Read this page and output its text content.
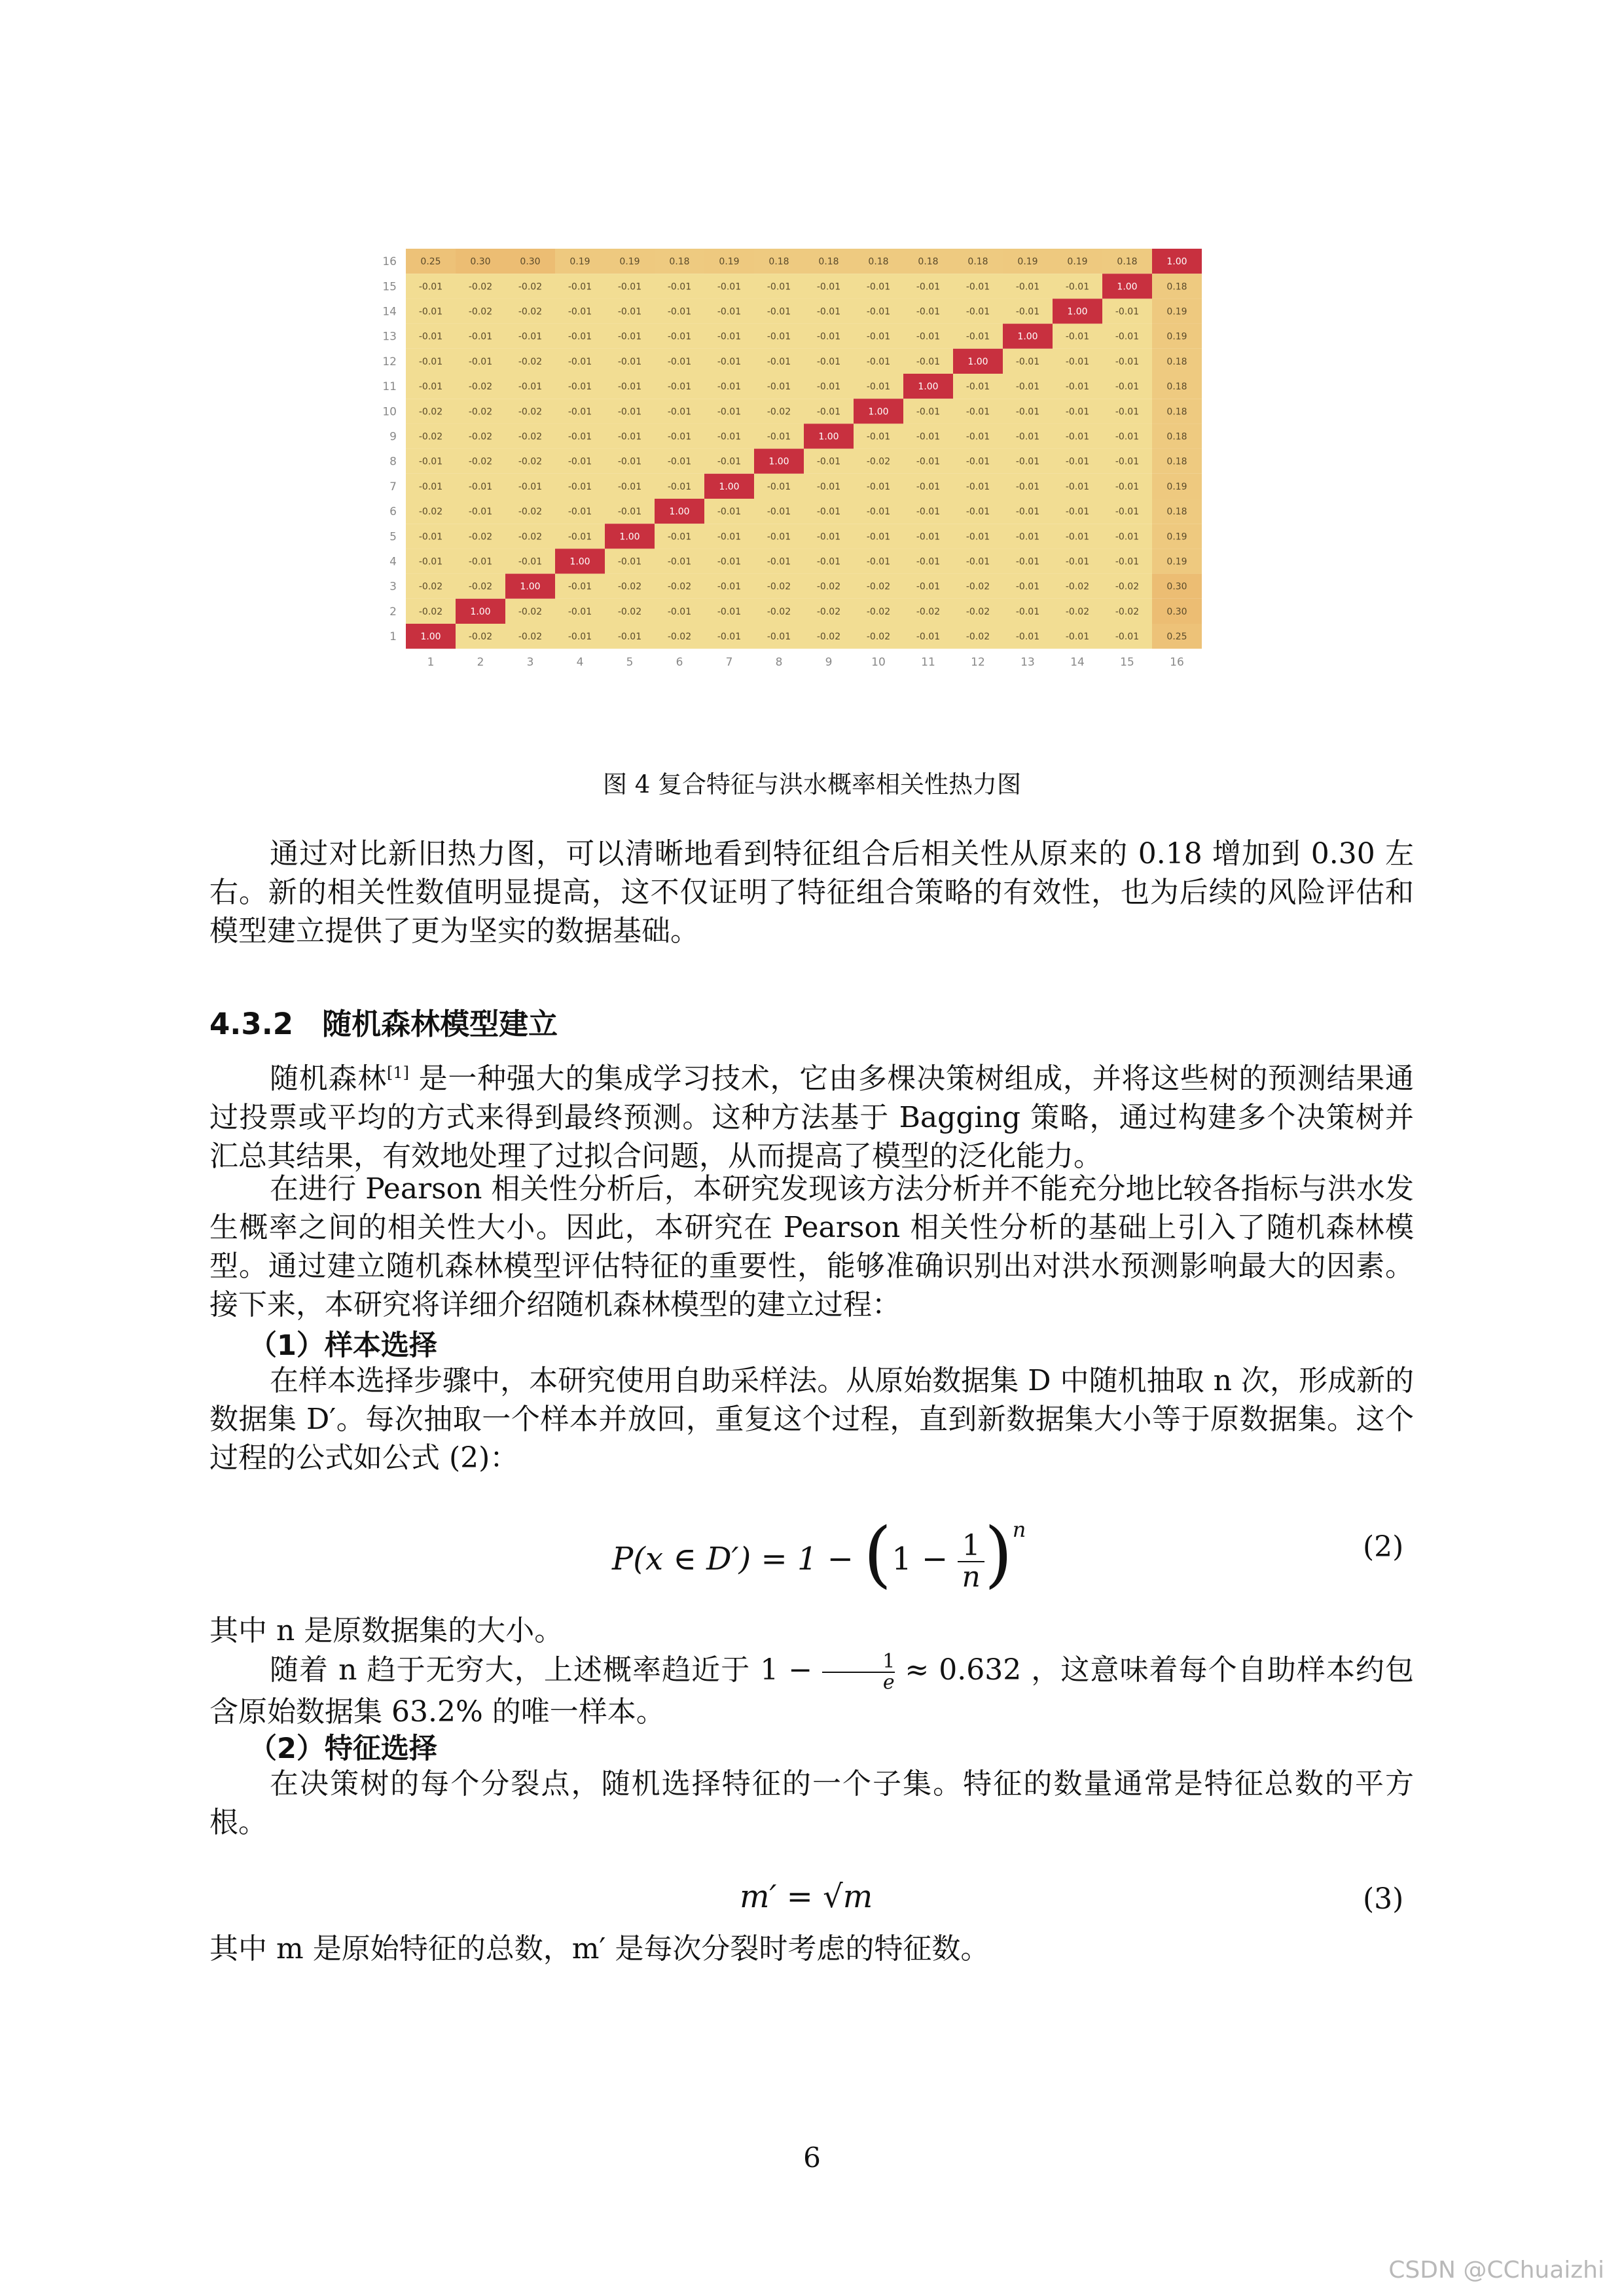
0.25	0.30	0.30	0.19	0.19	0.18	0.19	0.18	0.18	0.18	0.18	0.18	0.19	0.19	0.18	1.00
16
-0.01	-0.02	-0.02	-0.01	-0.01	-0.01	-0.01	-0.01	-0.01	-0.01	-0.01	-0.01	-0.01	-0.01	1.00	0.18
15
-0.01	-0.02	-0.02	-0.01	-0.01	-0.01	-0.01	-0.01	-0.01	-0.01	-0.01	-0.01	-0.01	1.00	-0.01	0.19
14
-0.01	-0.01	-0.01	-0.01	-0.01	-0.01	-0.01	-0.01	-0.01	-0.01	-0.01	-0.01	1.00	-0.01	-0.01	0.19
13
-0.01	-0.01	-0.02	-0.01	-0.01	-0.01	-0.01	-0.01	-0.01	-0.01	-0.01	1.00	-0.01	-0.01	-0.01	0.18
12
-0.01	-0.02	-0.01	-0.01	-0.01	-0.01	-0.01	-0.01	-0.01	-0.01	1.00	-0.01	-0.01	-0.01	-0.01	0.18
11
-0.02	-0.02	-0.02	-0.01	-0.01	-0.01	-0.01	-0.02	-0.01	1.00	-0.01	-0.01	-0.01	-0.01	-0.01	0.18
10
-0.02	-0.02	-0.02	-0.01	-0.01	-0.01	-0.01	-0.01	1.00	-0.01	-0.01	-0.01	-0.01	-0.01	-0.01	0.18
9
-0.01	-0.02	-0.02	-0.01	-0.01	-0.01	-0.01	1.00	-0.01	-0.02	-0.01	-0.01	-0.01	-0.01	-0.01	0.18
8
-0.01	-0.01	-0.01	-0.01	-0.01	-0.01	1.00	-0.01	-0.01	-0.01	-0.01	-0.01	-0.01	-0.01	-0.01	0.19
7
-0.02	-0.01	-0.02	-0.01	-0.01	1.00	-0.01	-0.01	-0.01	-0.01	-0.01	-0.01	-0.01	-0.01	-0.01	0.18
6
-0.01	-0.02	-0.02	-0.01	1.00	-0.01	-0.01	-0.01	-0.01	-0.01	-0.01	-0.01	-0.01	-0.01	-0.01	0.19
5
-0.01	-0.01	-0.01	1.00	-0.01	-0.01	-0.01	-0.01	-0.01	-0.01	-0.01	-0.01	-0.01	-0.01	-0.01	0.19
4
-0.02	-0.02	1.00	-0.01	-0.02	-0.02	-0.01	-0.02	-0.02	-0.02	-0.01	-0.02	-0.01	-0.02	-0.02	0.30
3
-0.02	1.00	-0.02	-0.01	-0.02	-0.01	-0.01	-0.02	-0.02	-0.02	-0.02	-0.02	-0.01	-0.02	-0.02	0.30
2
1.00	-0.02	-0.02	-0.01	-0.01	-0.02	-0.01	-0.01	-0.02	-0.02	-0.01	-0.02	-0.01	-0.01	-0.01	0.25
1
1	2	3	4	5	6	7	8	9	10	11	12	13	14	15	16
图 4 复合特征与洪水概率相关性热力图
通过对比新旧热力图，可以清晰地看到特征组合后相关性从原来的 0.18 增加到 0.30 左右。新的相关性数值明显提高，这不仅证明了特征组合策略的有效性，也为后续的风险评估和模型建立提供了更为坚实的数据基础。
4.3.2 随机森林模型建立
随机森林[1] 是一种强大的集成学习技术，它由多棵决策树组成，并将这些树的预测结果通过投票或平均的方式来得到最终预测。这种方法基于 Bagging 策略，通过构建多个决策树并汇总其结果，有效地处理了过拟合问题，从而提高了模型的泛化能力。
在进行 Pearson 相关性分析后，本研究发现该方法分析并不能充分地比较各指标与洪水发生概率之间的相关性大小。因此，本研究在 Pearson 相关性分析的基础上引入了随机森林模型。通过建立随机森林模型评估特征的重要性，能够准确识别出对洪水预测影响最大的因素。接下来，本研究将详细介绍随机森林模型的建立过程：
（1）样本选择
在样本选择步骤中，本研究使用自助采样法。从原始数据集 D 中随机抽取 n 次，形成新的数据集 D′。每次抽取一个样本并放回，重复这个过程，直到新数据集大小等于原数据集。这个过程的公式如公式 (2)：
P(x ∈ $D') = 1 - (1 - \frac{1}{n} )^n$
(2)
其中 n 是原数据集的大小。
随着 n 趋于无穷大，上述概率趋近于 $1 - \frac{1}{e} \approx 0.632$ ，这意味着每个自助样本约包含原始数据集 63.2% 的唯一样本。
（2）特征选择
在决策树的每个分裂点，随机选择特征的一个子集。特征的数量通常是特征总数的平方根。
m′ = √m	(3)
其中 m 是原始特征的总数，m′ 是每次分裂时考虑的特征数。
6
CSDN @CChuaizhi
